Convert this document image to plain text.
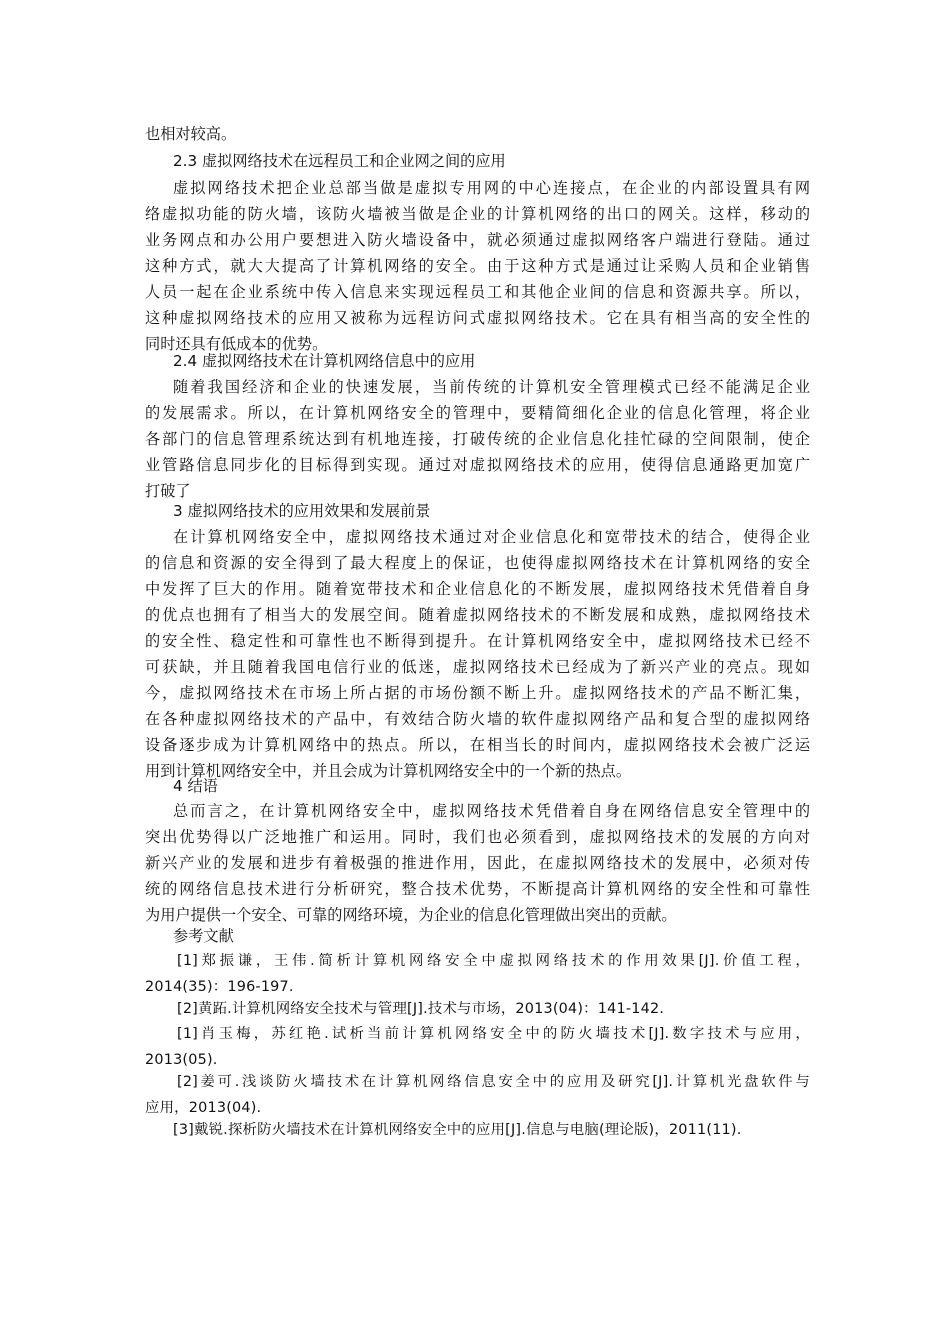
也相对较高。
2.3 虚拟网络技术在远程员工和企业网之间的应用
虚拟网络技术把企业总部当做是虚拟专用网的中心连接点，在企业的内部设置具有网
络虚拟功能的防火墙，该防火墙被当做是企业的计算机网络的出口的网关。这样，移动的
业务网点和办公用户要想进入防火墙设备中，就必须通过虚拟网络客户端进行登陆。通过
这种方式，就大大提高了计算机网络的安全。由于这种方式是通过让采购人员和企业销售
人员一起在企业系统中传入信息来实现远程员工和其他企业间的信息和资源共享。所以，
这种虚拟网络技术的应用又被称为远程访问式虚拟网络技术。它在具有相当高的安全性的
同时还具有低成本的优势。
2.4 虚拟网络技术在计算机网络信息中的应用
随着我国经济和企业的快速发展，当前传统的计算机安全管理模式已经不能满足企业
的发展需求。所以，在计算机网络安全的管理中，要精简细化企业的信息化管理，将企业
各部门的信息管理系统达到有机地连接，打破传统的企业信息化挂忙碌的空间限制，使企
业管路信息同步化的目标得到实现。通过对虚拟网络技术的应用，使得信息通路更加宽广
打破了
3 虚拟网络技术的应用效果和发展前景
在计算机网络安全中，虚拟网络技术通过对企业信息化和宽带技术的结合，使得企业
的信息和资源的安全得到了最大程度上的保证，也使得虚拟网络技术在计算机网络的安全
中发挥了巨大的作用。随着宽带技术和企业信息化的不断发展，虚拟网络技术凭借着自身
的优点也拥有了相当大的发展空间。随着虚拟网络技术的不断发展和成熟，虚拟网络技术
的安全性、稳定性和可靠性也不断得到提升。在计算机网络安全中，虚拟网络技术已经不
可获缺，并且随着我国电信行业的低迷，虚拟网络技术已经成为了新兴产业的亮点。现如
今，虚拟网络技术在市场上所占据的市场份额不断上升。虚拟网络技术的产品不断汇集，
在各种虚拟网络技术的产品中，有效结合防火墙的软件虚拟网络产品和复合型的虚拟网络
设备逐步成为计算机网络中的热点。所以，在相当长的时间内，虚拟网络技术会被广泛运
用到计算机网络安全中，并且会成为计算机网络安全中的一个新的热点。
4 结语
总而言之，在计算机网络安全中，虚拟网络技术凭借着自身在网络信息安全管理中的
突出优势得以广泛地推广和运用。同时，我们也必须看到，虚拟网络技术的发展的方向对
新兴产业的发展和进步有着极强的推进作用，因此，在虚拟网络技术的发展中，必须对传
统的网络信息技术进行分析研究，整合技术优势，不断提高计算机网络的安全性和可靠性
为用户提供一个安全、可靠的网络环境，为企业的信息化管理做出突出的贡献。
参考文献
[1]郑振谦，王伟.简析计算机网络安全中虚拟网络技术的作用效果[J].价值工程，
2014(35)：196-197.
[2]黄跖.计算机网络安全技术与管理[J].技术与市场，2013(04)：141-142.
[1]肖玉梅，苏红艳.试析当前计算机网络安全中的防火墙技术[J].数字技术与应用，
2013(05).
[2]姜可.浅谈防火墙技术在计算机网络信息安全中的应用及研究[J].计算机光盘软件与
应用，2013(04).
[3]戴锐.探析防火墙技术在计算机网络安全中的应用[J].信息与电脑(理论版)，2011(11).
